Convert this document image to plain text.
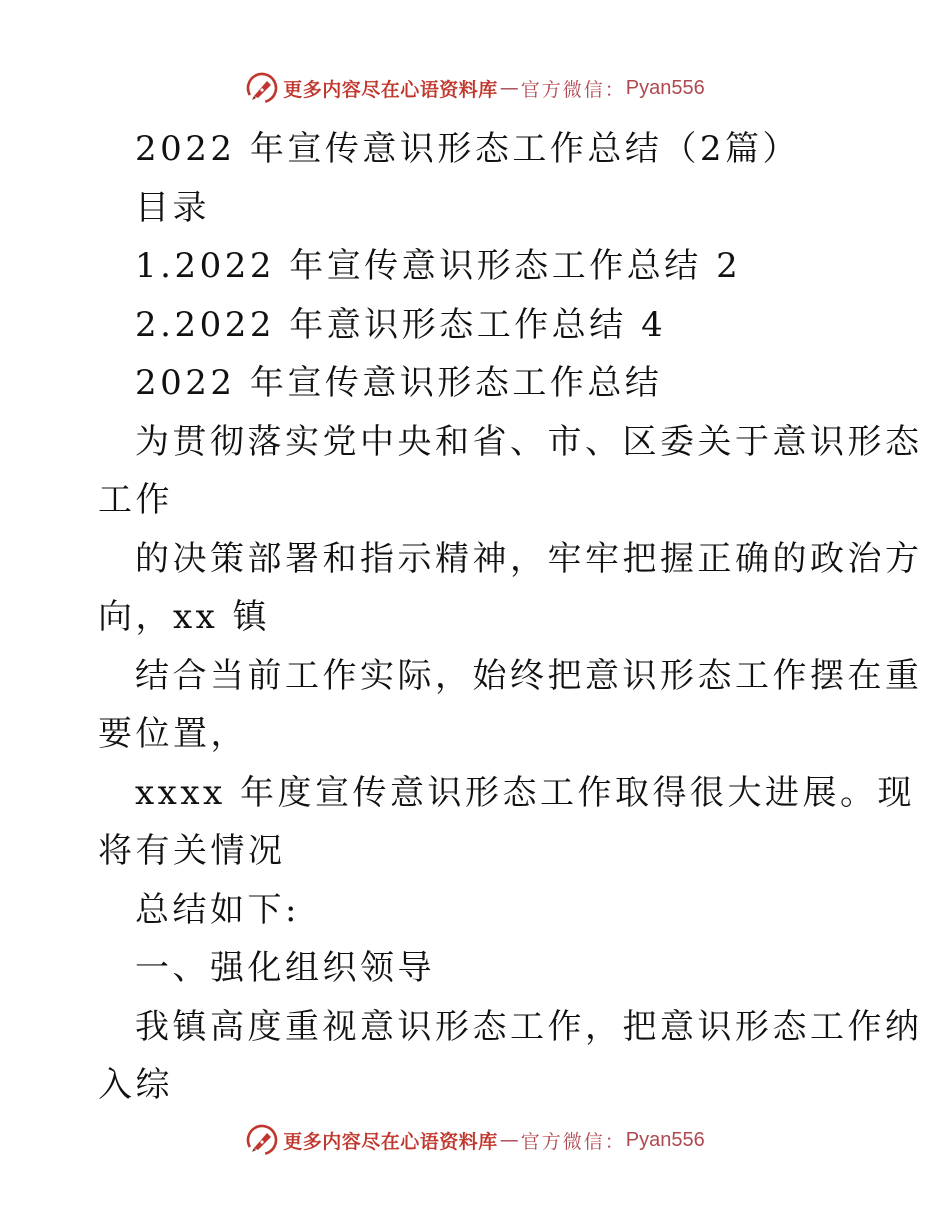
更多内容尽在心语资料库 — 官方微信： Pyan556
2022 年宣传意识形态工作总结（2篇）
目录
1.2022 年宣传意识形态工作总结 2
2.2022 年意识形态工作总结 4
2022 年宣传意识形态工作总结
为贯彻落实党中央和省、市、区委关于意识形态
工作
的决策部署和指示精神，牢牢把握正确的政治方
向，xx 镇
结合当前工作实际，始终把意识形态工作摆在重
要位置，
xxxx 年度宣传意识形态工作取得很大进展。现
将有关情况
总结如下:
一、强化组织领导
我镇高度重视意识形态工作，把意识形态工作纳
入综
更多内容尽在心语资料库 — 官方微信： Pyan556
